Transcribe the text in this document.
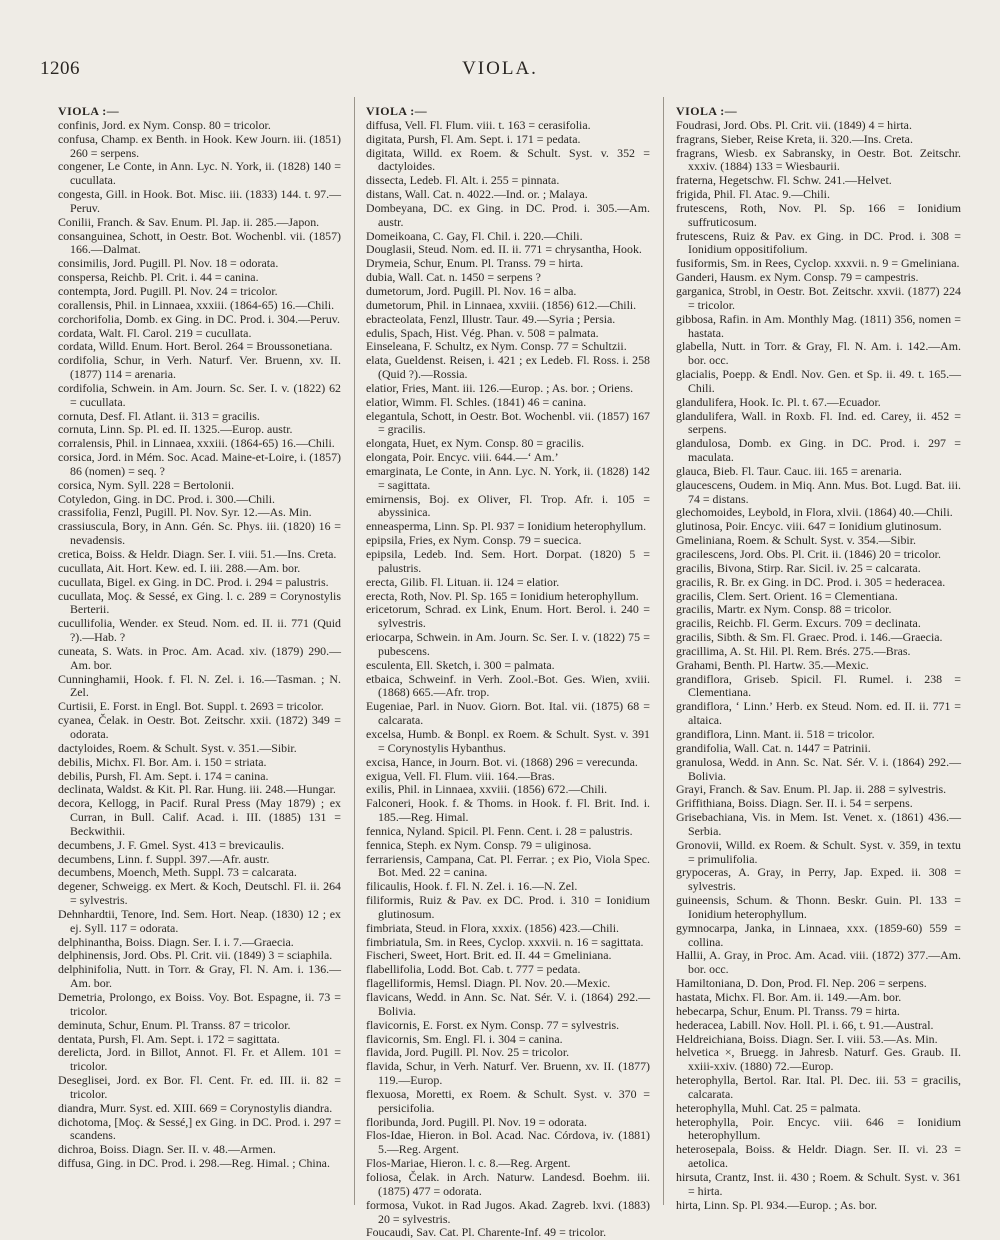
1206	VIOLA.
VIOLA :—
confinis, Jord. ex Nym. Consp. 80 = tricolor.
confusa, Champ. ex Benth. in Hook. Kew Journ. iii. (1851) 260 = serpens.
congener, Le Conte, in Ann. Lyc. N. York, ii. (1828) 140 = cucullata.
congesta, Gill. in Hook. Bot. Misc. iii. (1833) 144. t. 97.—Peruv.
Conilii, Franch. & Sav. Enum. Pl. Jap. ii. 285.—Japon.
consanguinea, Schott, in Oestr. Bot. Wochenbl. vii. (1857) 166.—Dalmat.
consimilis, Jord. Pugill. Pl. Nov. 18 = odorata.
conspersa, Reichb. Pl. Crit. i. 44 = canina.
contempta, Jord. Pugill. Pl. Nov. 24 = tricolor.
corallensis, Phil. in Linnaea, xxxiii. (1864-65) 16.—Chili.
corchorifolia, Domb. ex Ging. in DC. Prod. i. 304.—Peruv.
cordata, Walt. Fl. Carol. 219 = cucullata.
cordata, Willd. Enum. Hort. Berol. 264 = Broussonetiana.
cordifolia, Schur, in Verh. Naturf. Ver. Bruenn, xv. II. (1877) 114 = arenaria.
cordifolia, Schwein. in Am. Journ. Sc. Ser. I. v. (1822) 62 = cucullata.
cornuta, Desf. Fl. Atlant. ii. 313 = gracilis.
cornuta, Linn. Sp. Pl. ed. II. 1325.—Europ. austr.
corralensis, Phil. in Linnaea, xxxiii. (1864-65) 16.—Chili.
corsica, Jord. in Mém. Soc. Acad. Maine-et-Loire, i. (1857) 86 (nomen) = seq. ?
corsica, Nym. Syll. 228 = Bertolonii.
Cotyledon, Ging. in DC. Prod. i. 300.—Chili.
crassifolia, Fenzl, Pugill. Pl. Nov. Syr. 12.—As. Min.
crassiuscula, Bory, in Ann. Gén. Sc. Phys. iii. (1820) 16 = nevadensis.
cretica, Boiss. & Heldr. Diagn. Ser. I. viii. 51.—Ins. Creta.
cucullata, Ait. Hort. Kew. ed. I. iii. 288.—Am. bor.
cucullata, Bigel. ex Ging. in DC. Prod. i. 294 = palustris.
cucullata, Moç. & Sessé, ex Ging. l. c. 289 = Corynostylis Berterii.
cucullifolia, Wender. ex Steud. Nom. ed. II. ii. 771 (Quid ?).—Hab. ?
cuneata, S. Wats. in Proc. Am. Acad. xiv. (1879) 290.—Am. bor.
Cunninghamii, Hook. f. Fl. N. Zel. i. 16.—Tasman. ; N. Zel.
Curtisii, E. Forst. in Engl. Bot. Suppl. t. 2693 = tricolor.
cyanea, Čelak. in Oestr. Bot. Zeitschr. xxii. (1872) 349 = odorata.
dactyloides, Roem. & Schult. Syst. v. 351.—Sibir.
debilis, Michx. Fl. Bor. Am. i. 150 = striata.
debilis, Pursh, Fl. Am. Sept. i. 174 = canina.
declinata, Waldst. & Kit. Pl. Rar. Hung. iii. 248.—Hungar.
decora, Kellogg, in Pacif. Rural Press (May 1879) ; ex Curran, in Bull. Calif. Acad. i. III. (1885) 131 = Beckwithii.
decumbens, J. F. Gmel. Syst. 413 = brevicaulis.
decumbens, Linn. f. Suppl. 397.—Afr. austr.
decumbens, Moench, Meth. Suppl. 73 = calcarata.
degener, Schweigg. ex Mert. & Koch, Deutschl. Fl. ii. 264 = sylvestris.
Dehnhardtii, Tenore, Ind. Sem. Hort. Neap. (1830) 12 ; ex ej. Syll. 117 = odorata.
delphinantha, Boiss. Diagn. Ser. I. i. 7.—Graecia.
delphinensis, Jord. Obs. Pl. Crit. vii. (1849) 3 = sciaphila.
delphinifolia, Nutt. in Torr. & Gray, Fl. N. Am. i. 136.—Am. bor.
Demetria, Prolongo, ex Boiss. Voy. Bot. Espagne, ii. 73 = tricolor.
deminuta, Schur, Enum. Pl. Transs. 87 = tricolor.
dentata, Pursh, Fl. Am. Sept. i. 172 = sagittata.
derelicta, Jord. in Billot, Annot. Fl. Fr. et Allem. 101 = tricolor.
Deseglisei, Jord. ex Bor. Fl. Cent. Fr. ed. III. ii. 82 = tricolor.
diandra, Murr. Syst. ed. XIII. 669 = Corynostylis diandra.
dichotoma, [Moç. & Sessé,] ex Ging. in DC. Prod. i. 297 = scandens.
dichroa, Boiss. Diagn. Ser. II. v. 48.—Armen.
diffusa, Ging. in DC. Prod. i. 298.—Reg. Himal. ; China.
VIOLA :—
diffusa, Vell. Fl. Flum. viii. t. 163 = cerasifolia.
digitata, Pursh, Fl. Am. Sept. i. 171 = pedata.
digitata, Willd. ex Roem. & Schult. Syst. v. 352 = dactyloides.
dissecta, Ledeb. Fl. Alt. i. 255 = pinnata.
distans, Wall. Cat. n. 4022.—Ind. or. ; Malaya.
Dombeyana, DC. ex Ging. in DC. Prod. i. 305.—Am. austr.
Domeikoana, C. Gay, Fl. Chil. i. 220.—Chili.
Douglasii, Steud. Nom. ed. II. ii. 771 = chrysantha, Hook.
Drymeia, Schur, Enum. Pl. Transs. 79 = hirta.
dubia, Wall. Cat. n. 1450 = serpens ?
dumetorum, Jord. Pugill. Pl. Nov. 16 = alba.
dumetorum, Phil. in Linnaea, xxviii. (1856) 612.—Chili.
ebracteolata, Fenzl, Illustr. Taur. 49.—Syria ; Persia.
edulis, Spach, Hist. Vég. Phan. v. 508 = palmata.
Einseleana, F. Schultz, ex Nym. Consp. 77 = Schultzii.
elata, Gueldenst. Reisen, i. 421 ; ex Ledeb. Fl. Ross. i. 258 (Quid ?).—Rossia.
elatior, Fries, Mant. iii. 126.—Europ. ; As. bor. ; Oriens.
elatior, Wimm. Fl. Schles. (1841) 46 = canina.
elegantula, Schott, in Oestr. Bot. Wochenbl. vii. (1857) 167 = gracilis.
elongata, Huet, ex Nym. Consp. 80 = gracilis.
elongata, Poir. Encyc. viii. 644.—‘ Am.’
emarginata, Le Conte, in Ann. Lyc. N. York, ii. (1828) 142 = sagittata.
emirnensis, Boj. ex Oliver, Fl. Trop. Afr. i. 105 = abyssinica.
enneasperma, Linn. Sp. Pl. 937 = Ionidium heterophyllum.
epipsila, Fries, ex Nym. Consp. 79 = suecica.
epipsila, Ledeb. Ind. Sem. Hort. Dorpat. (1820) 5 = palustris.
erecta, Gilib. Fl. Lituan. ii. 124 = elatior.
erecta, Roth, Nov. Pl. Sp. 165 = Ionidium heterophyllum.
ericetorum, Schrad. ex Link, Enum. Hort. Berol. i. 240 = sylvestris.
eriocarpa, Schwein. in Am. Journ. Sc. Ser. I. v. (1822) 75 = pubescens.
esculenta, Ell. Sketch, i. 300 = palmata.
etbaica, Schweinf. in Verh. Zool.-Bot. Ges. Wien, xviii. (1868) 665.—Afr. trop.
Eugeniae, Parl. in Nuov. Giorn. Bot. Ital. vii. (1875) 68 = calcarata.
excelsa, Humb. & Bonpl. ex Roem. & Schult. Syst. v. 391 = Corynostylis Hybanthus.
excisa, Hance, in Journ. Bot. vi. (1868) 296 = verecunda.
exigua, Vell. Fl. Flum. viii. 164.—Bras.
exilis, Phil. in Linnaea, xxviii. (1856) 672.—Chili.
Falconeri, Hook. f. & Thoms. in Hook. f. Fl. Brit. Ind. i. 185.—Reg. Himal.
fennica, Nyland. Spicil. Pl. Fenn. Cent. i. 28 = palustris.
fennica, Steph. ex Nym. Consp. 79 = uliginosa.
ferrariensis, Campana, Cat. Pl. Ferrar. ; ex Pio, Viola Spec. Bot. Med. 22 = canina.
filicaulis, Hook. f. Fl. N. Zel. i. 16.—N. Zel.
filiformis, Ruiz & Pav. ex DC. Prod. i. 310 = Ionidium glutinosum.
fimbriata, Steud. in Flora, xxxix. (1856) 423.—Chili.
fimbriatula, Sm. in Rees, Cyclop. xxxvii. n. 16 = sagittata.
Fischeri, Sweet, Hort. Brit. ed. II. 44 = Gmeliniana.
flabellifolia, Lodd. Bot. Cab. t. 777 = pedata.
flagelliformis, Hemsl. Diagn. Pl. Nov. 20.—Mexic.
flavicans, Wedd. in Ann. Sc. Nat. Sér. V. i. (1864) 292.—Bolivia.
flavicornis, E. Forst. ex Nym. Consp. 77 = sylvestris.
flavicornis, Sm. Engl. Fl. i. 304 = canina.
flavida, Jord. Pugill. Pl. Nov. 25 = tricolor.
flavida, Schur, in Verh. Naturf. Ver. Bruenn, xv. II. (1877) 119.—Europ.
flexuosa, Moretti, ex Roem. & Schult. Syst. v. 370 = persicifolia.
floribunda, Jord. Pugill. Pl. Nov. 19 = odorata.
Flos-Idae, Hieron. in Bol. Acad. Nac. Córdova, iv. (1881) 5.—Reg. Argent.
Flos-Mariae, Hieron. l. c. 8.—Reg. Argent.
foliosa, Čelak. in Arch. Naturw. Landesd. Boehm. iii. (1875) 477 = odorata.
formosa, Vukot. in Rad Jugos. Akad. Zagreb. lxvi. (1883) 20 = sylvestris.
Foucaudi, Sav. Cat. Pl. Charente-Inf. 49 = tricolor.
VIOLA :—
Foudrasi, Jord. Obs. Pl. Crit. vii. (1849) 4 = hirta.
fragrans, Sieber, Reise Kreta, ii. 320.—Ins. Creta.
fragrans, Wiesb. ex Sabransky, in Oestr. Bot. Zeitschr. xxxiv. (1884) 133 = Wiesbaurii.
fraterna, Hegetschw. Fl. Schw. 241.—Helvet.
frigida, Phil. Fl. Atac. 9.—Chili.
frutescens, Roth, Nov. Pl. Sp. 166 = Ionidium suffruticosum.
frutescens, Ruiz & Pav. ex Ging. in DC. Prod. i. 308 = Ionidium oppositifolium.
fusiformis, Sm. in Rees, Cyclop. xxxvii. n. 9 = Gmeliniana.
Ganderi, Hausm. ex Nym. Consp. 79 = campestris.
garganica, Strobl, in Oestr. Bot. Zeitschr. xxvii. (1877) 224 = tricolor.
gibbosa, Rafin. in Am. Monthly Mag. (1811) 356, nomen = hastata.
glabella, Nutt. in Torr. & Gray, Fl. N. Am. i. 142.—Am. bor. occ.
glacialis, Poepp. & Endl. Nov. Gen. et Sp. ii. 49. t. 165.—Chili.
glandulifera, Hook. Ic. Pl. t. 67.—Ecuador.
glandulifera, Wall. in Roxb. Fl. Ind. ed. Carey, ii. 452 = serpens.
glandulosa, Domb. ex Ging. in DC. Prod. i. 297 = maculata.
glauca, Bieb. Fl. Taur. Cauc. iii. 165 = arenaria.
glaucescens, Oudem. in Miq. Ann. Mus. Bot. Lugd. Bat. iii. 74 = distans.
glechomoides, Leybold, in Flora, xlvii. (1864) 40.—Chili.
glutinosa, Poir. Encyc. viii. 647 = Ionidium glutinosum.
Gmeliniana, Roem. & Schult. Syst. v. 354.—Sibir.
gracilescens, Jord. Obs. Pl. Crit. ii. (1846) 20 = tricolor.
gracilis, Bivona, Stirp. Rar. Sicil. iv. 25 = calcarata.
gracilis, R. Br. ex Ging. in DC. Prod. i. 305 = hederacea.
gracilis, Clem. Sert. Orient. 16 = Clementiana.
gracilis, Martr. ex Nym. Consp. 88 = tricolor.
gracilis, Reichb. Fl. Germ. Excurs. 709 = declinata.
gracilis, Sibth. & Sm. Fl. Graec. Prod. i. 146.—Graecia.
gracillima, A. St. Hil. Pl. Rem. Brés. 275.—Bras.
Grahami, Benth. Pl. Hartw. 35.—Mexic.
grandiflora, Griseb. Spicil. Fl. Rumel. i. 238 = Clementiana.
grandiflora, ‘ Linn.’ Herb. ex Steud. Nom. ed. II. ii. 771 = altaica.
grandiflora, Linn. Mant. ii. 518 = tricolor.
grandifolia, Wall. Cat. n. 1447 = Patrinii.
granulosa, Wedd. in Ann. Sc. Nat. Sér. V. i. (1864) 292.—Bolivia.
Grayi, Franch. & Sav. Enum. Pl. Jap. ii. 288 = sylvestris.
Griffithiana, Boiss. Diagn. Ser. II. i. 54 = serpens.
Grisebachiana, Vis. in Mem. Ist. Venet. x. (1861) 436.—Serbia.
Gronovii, Willd. ex Roem. & Schult. Syst. v. 359, in textu = primulifolia.
grypoceras, A. Gray, in Perry, Jap. Exped. ii. 308 = sylvestris.
guineensis, Schum. & Thonn. Beskr. Guin. Pl. 133 = Ionidium heterophyllum.
gymnocarpa, Janka, in Linnaea, xxx. (1859-60) 559 = collina.
Hallii, A. Gray, in Proc. Am. Acad. viii. (1872) 377.—Am. bor. occ.
Hamiltoniana, D. Don, Prod. Fl. Nep. 206 = serpens.
hastata, Michx. Fl. Bor. Am. ii. 149.—Am. bor.
hebecarpa, Schur, Enum. Pl. Transs. 79 = hirta.
hederacea, Labill. Nov. Holl. Pl. i. 66, t. 91.—Austral.
Heldreichiana, Boiss. Diagn. Ser. I. viii. 53.—As. Min.
helvetica ×, Bruegg. in Jahresb. Naturf. Ges. Graub. II. xxiii-xxiv. (1880) 72.—Europ.
heterophylla, Bertol. Rar. Ital. Pl. Dec. iii. 53 = gracilis, calcarata.
heterophylla, Muhl. Cat. 25 = palmata.
heterophylla, Poir. Encyc. viii. 646 = Ionidium heterophyllum.
heterosepala, Boiss. & Heldr. Diagn. Ser. II. vi. 23 = aetolica.
hirsuta, Crantz, Inst. ii. 430 ; Roem. & Schult. Syst. v. 361 = hirta.
hirta, Linn. Sp. Pl. 934.—Europ. ; As. bor.
